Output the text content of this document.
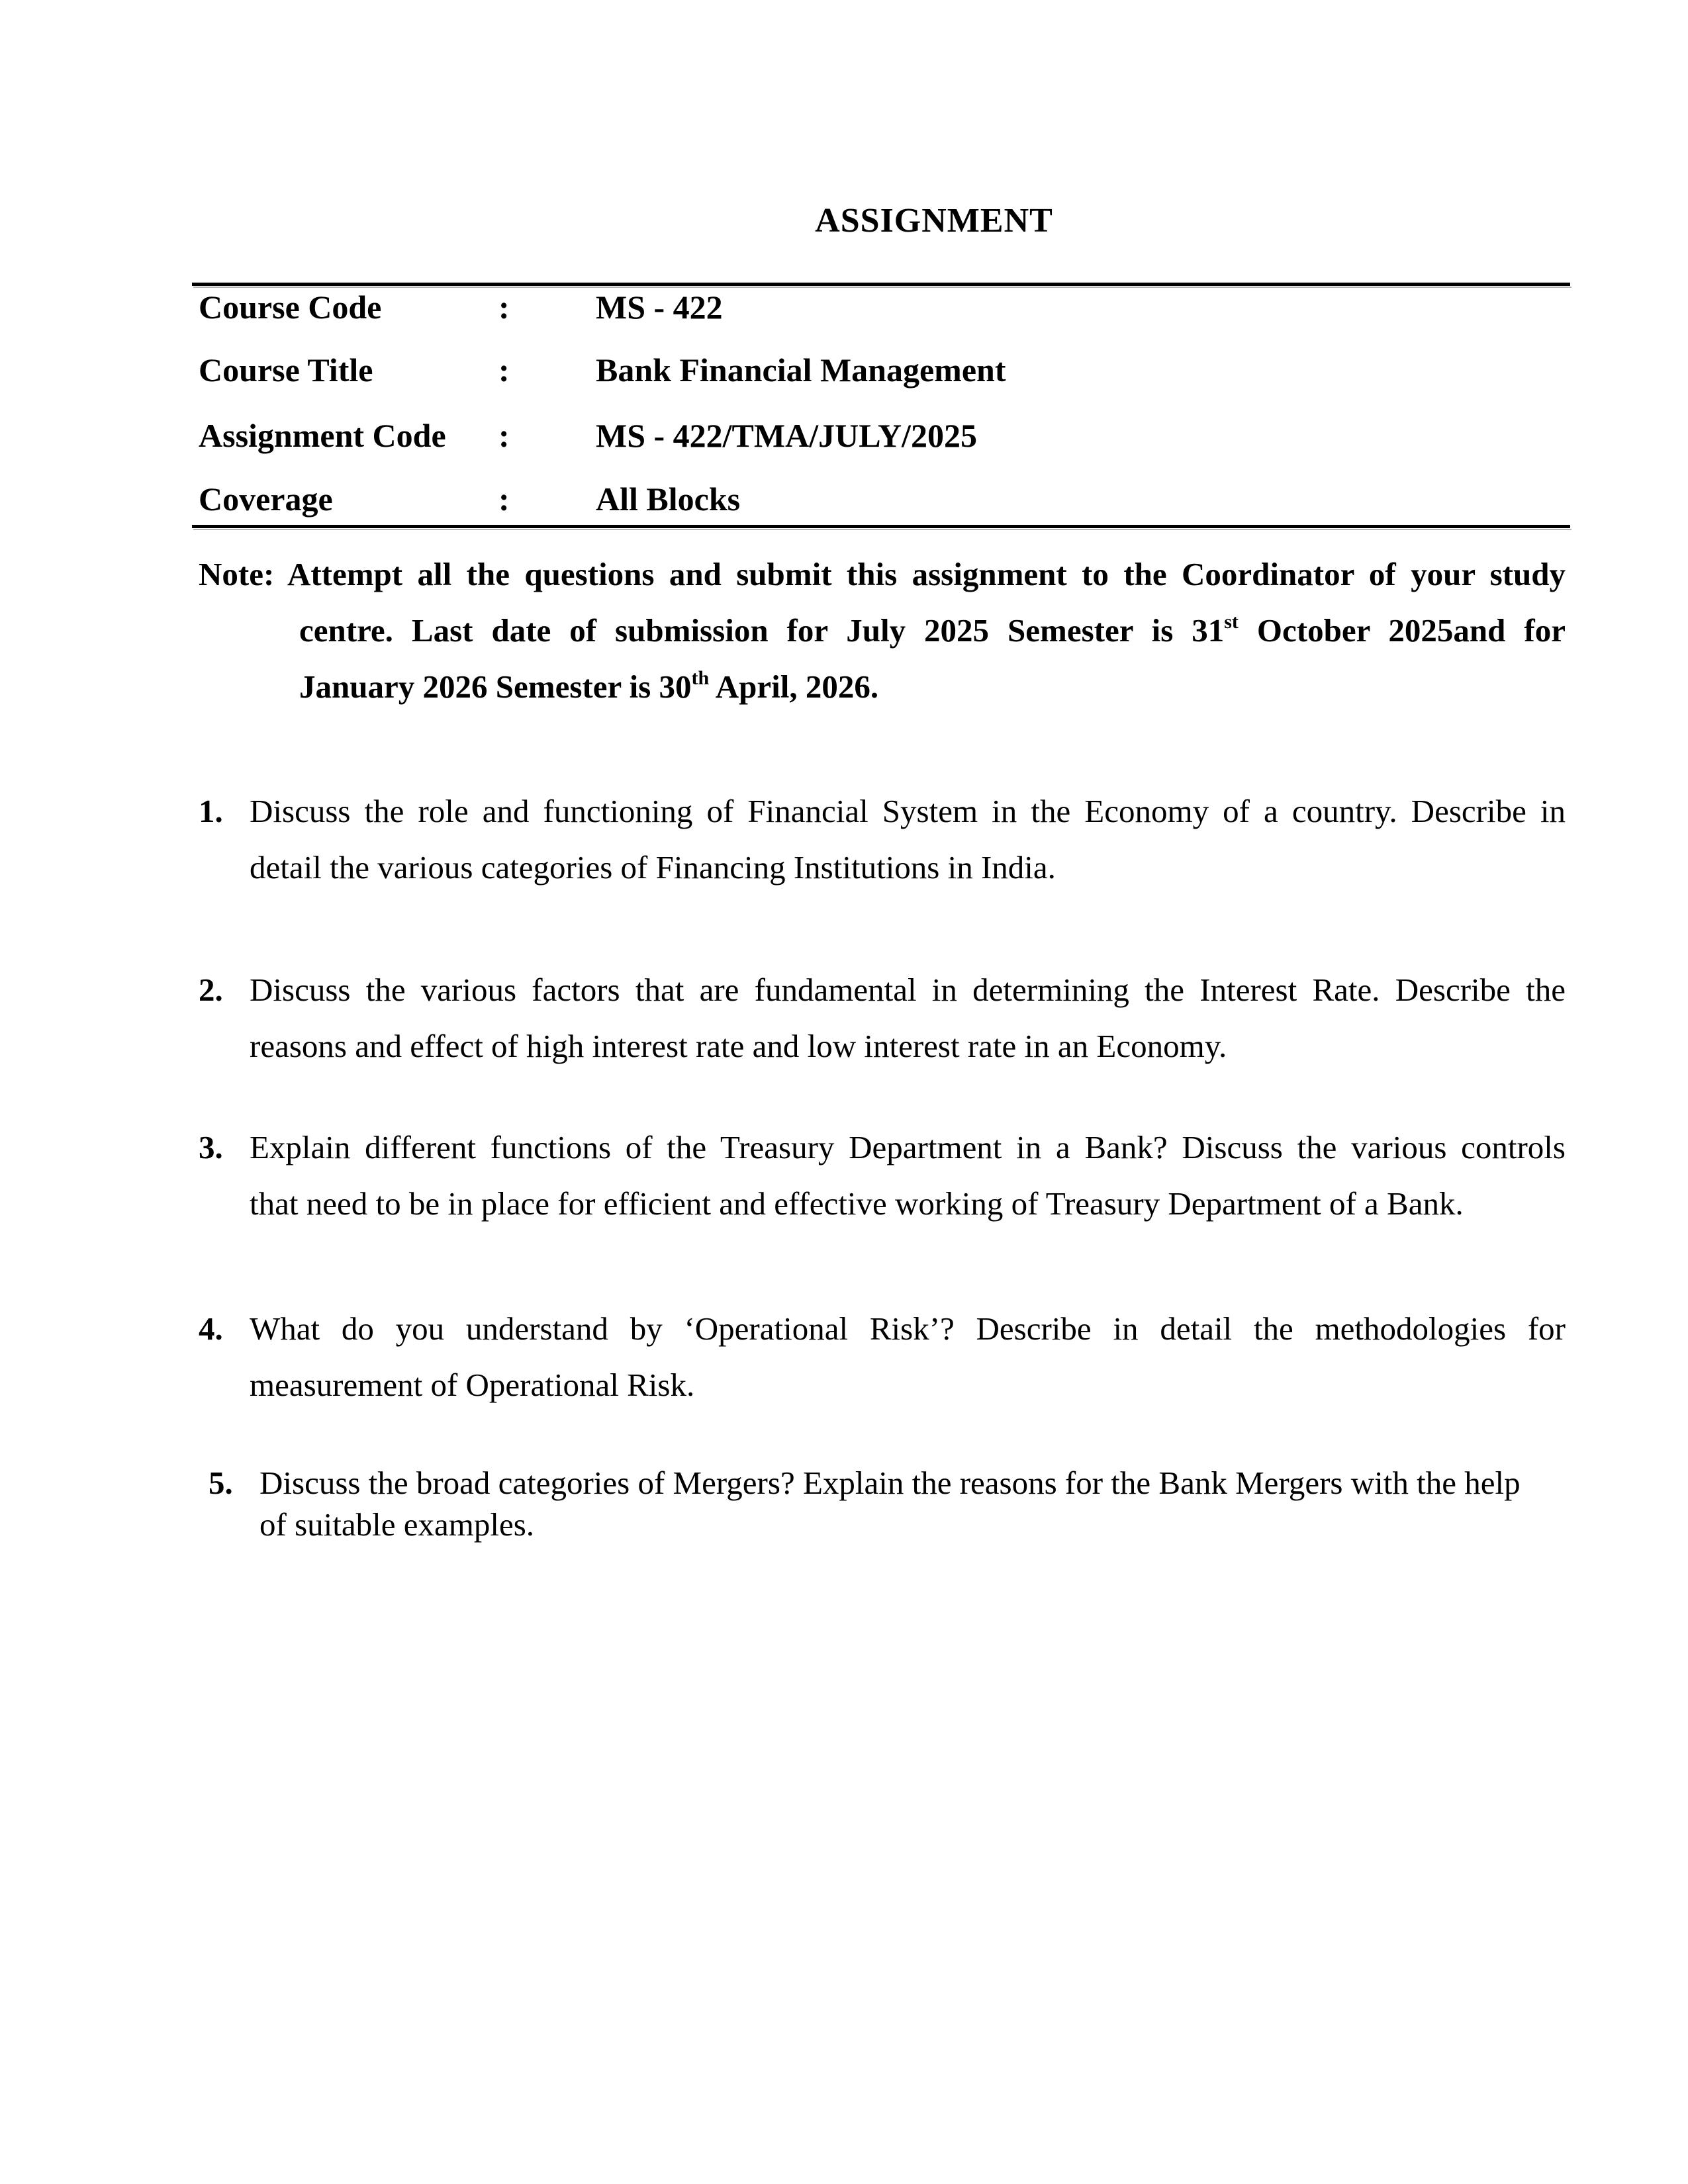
ASSIGNMENT
Course Code	:	MS - 422
Course Title	:	Bank Financial Management
Assignment Code :	MS - 422/TMA/JULY/2025
Coverage	:	All Blocks
Note: Attempt all the questions and submit this assignment to the Coordinator of your study
centre. Last date of submission for July 2025 Semester is 31st October 2025and for
January 2026 Semester is 30th April, 2026.
1. Discuss the role and functioning of Financial System in the Economy of a country. Describe in
detail the various categories of Financing Institutions in India.
2. Discuss the various factors that are fundamental in determining the Interest Rate. Describe the
reasons and effect of high interest rate and low interest rate in an Economy.
3. Explain different functions of the Treasury Department in a Bank? Discuss the various controls
that need to be in place for efficient and effective working of Treasury Department of a Bank.
4. What do you understand by ‘Operational Risk’? Describe in detail the methodologies for
measurement of Operational Risk.
5. Discuss the broad categories of Mergers? Explain the reasons for the Bank Mergers with the help
of suitable examples.
